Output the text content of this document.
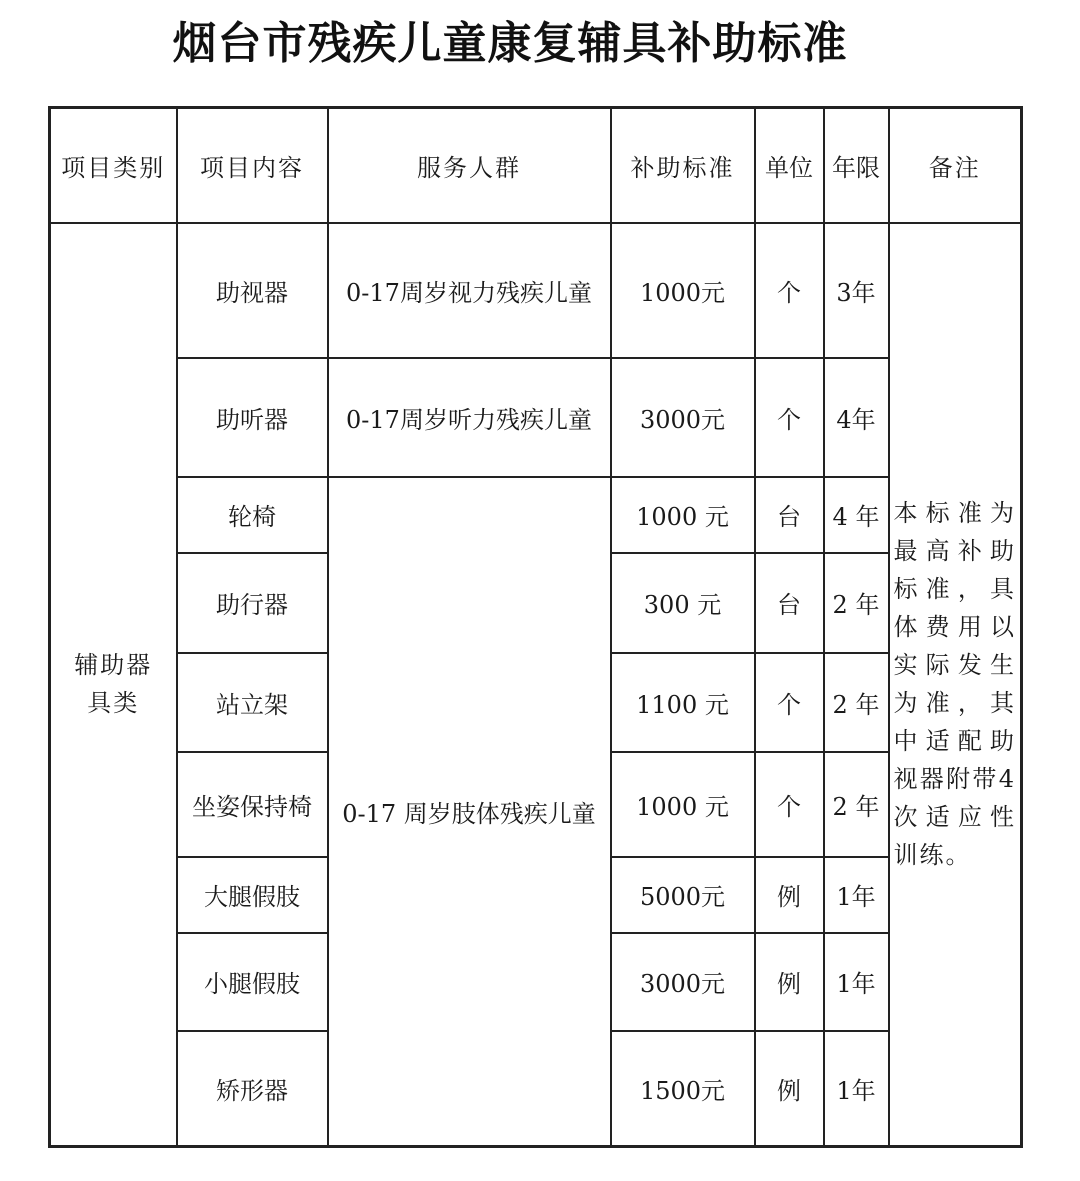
烟台市残疾儿童康复辅具补助标准
项目类别	项目内容	服务人群	补助标准	单位	年限	备注
辅助器具类	助视器	0-17周岁视力残疾儿童	1000元	个	3年	本标准为最高补助标准，具体费用以实际发生为准，其中适配助视器附带4次适应性训练。

	助听器	0-17周岁听力残疾儿童	3000元	个	4年	
	轮椅	0-17 周岁肢体残疾儿童	1000 元	台	4 年	
	助行器		300 元	台	2 年	
	站立架		1100 元	个	2 年	
	坐姿保持椅		1000 元	个	2 年	
	大腿假肢		5000元	例	1年	
	小腿假肢		3000元	例	1年	
	矫形器		1500元	例	1年	
